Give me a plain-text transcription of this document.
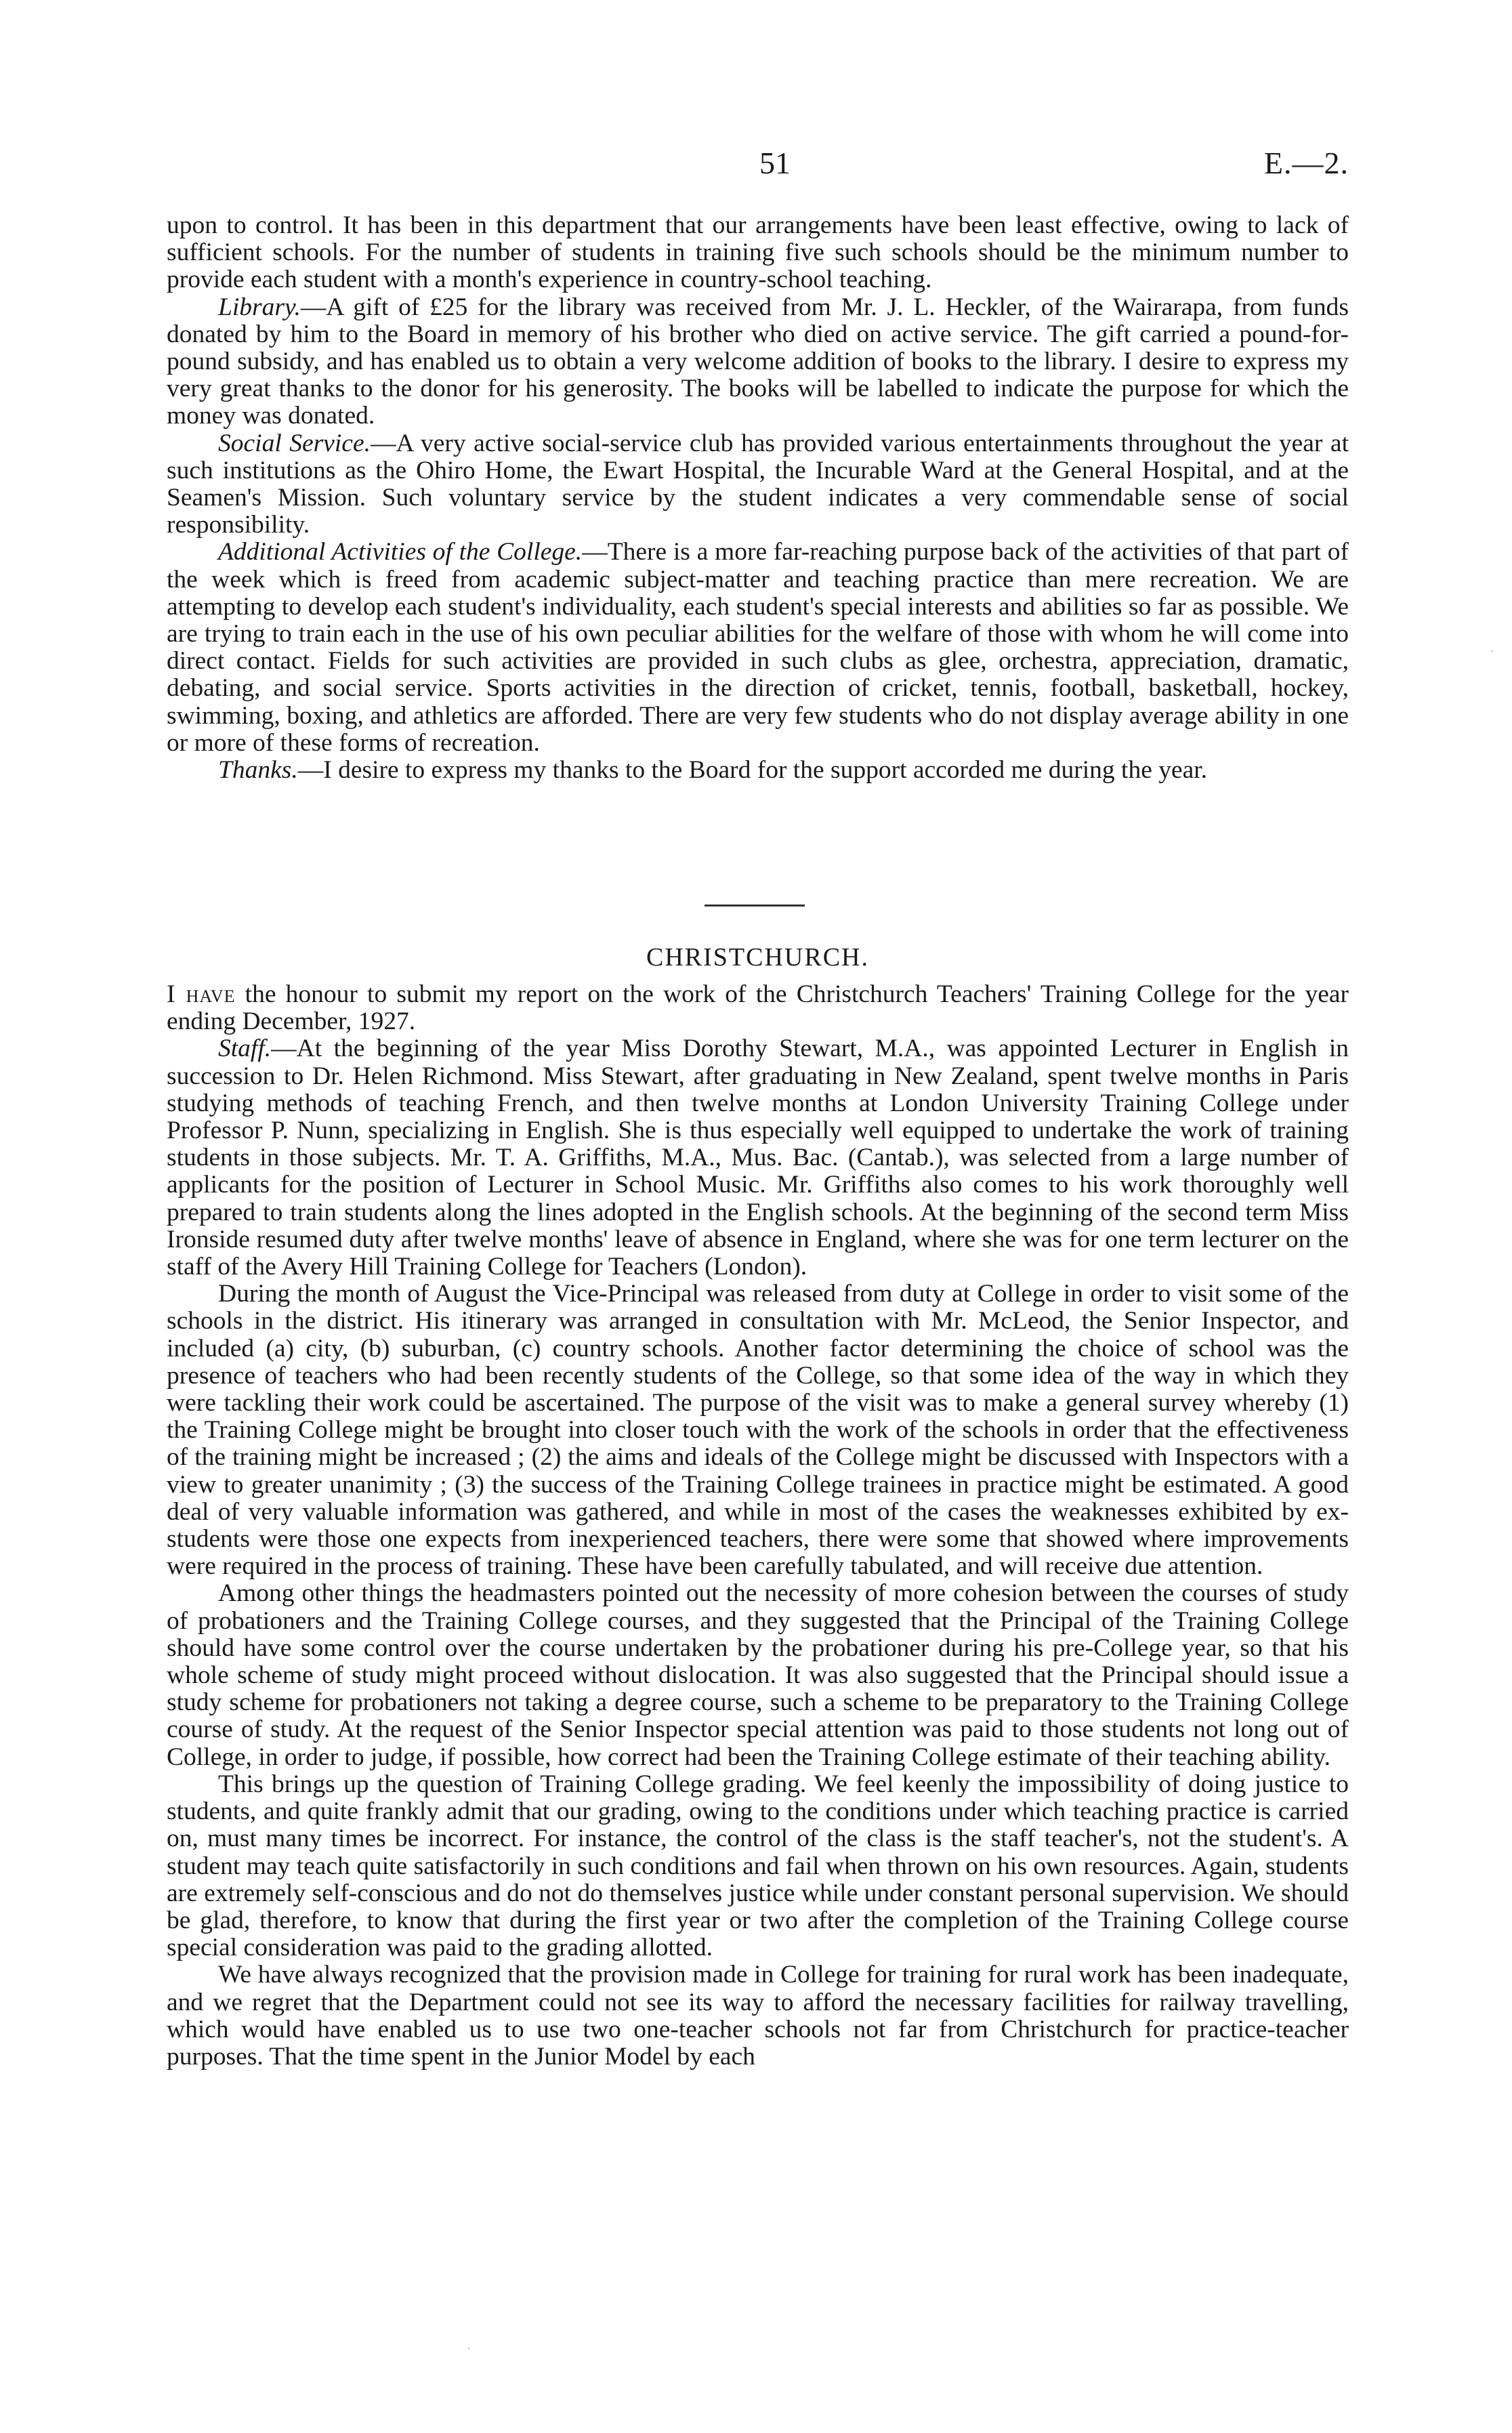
51	E.—2.

upon to control. It has been in this department that our arrangements have been least effective, owing to lack of sufficient schools. For the number of students in training five such schools should be the minimum number to provide each student with a month's experience in country-school teaching.

Library.—A gift of £25 for the library was received from Mr. J. L. Heckler, of the Wairarapa, from funds donated by him to the Board in memory of his brother who died on active service. The gift carried a pound-for-pound subsidy, and has enabled us to obtain a very welcome addition of books to the library. I desire to express my very great thanks to the donor for his generosity. The books will be labelled to indicate the purpose for which the money was donated.

Social Service.—A very active social-service club has provided various entertainments throughout the year at such institutions as the Ohiro Home, the Ewart Hospital, the Incurable Ward at the General Hospital, and at the Seamen's Mission. Such voluntary service by the student indicates a very commendable sense of social responsibility.

Additional Activities of the College.—There is a more far-reaching purpose back of the activities of that part of the week which is freed from academic subject-matter and teaching practice than mere recreation. We are attempting to develop each student's individuality, each student's special interests and abilities so far as possible. We are trying to train each in the use of his own peculiar abilities for the welfare of those with whom he will come into direct contact. Fields for such activities are provided in such clubs as glee, orchestra, appreciation, dramatic, debating, and social service. Sports activities in the direction of cricket, tennis, football, basketball, hockey, swimming, boxing, and athletics are afforded. There are very few students who do not display average ability in one or more of these forms of recreation.

Thanks.—I desire to express my thanks to the Board for the support accorded me during the year.

CHRISTCHURCH.

I have the honour to submit my report on the work of the Christchurch Teachers' Training College for the year ending December, 1927.

Staff.—At the beginning of the year Miss Dorothy Stewart, M.A., was appointed Lecturer in English in succession to Dr. Helen Richmond. Miss Stewart, after graduating in New Zealand, spent twelve months in Paris studying methods of teaching French, and then twelve months at London University Training College under Professor P. Nunn, specializing in English. She is thus especially well equipped to undertake the work of training students in those subjects. Mr. T. A. Griffiths, M.A., Mus. Bac. (Cantab.), was selected from a large number of applicants for the position of Lecturer in School Music. Mr. Griffiths also comes to his work thoroughly well prepared to train students along the lines adopted in the English schools. At the beginning of the second term Miss Ironside resumed duty after twelve months' leave of absence in England, where she was for one term lecturer on the staff of the Avery Hill Training College for Teachers (London).

During the month of August the Vice-Principal was released from duty at College in order to visit some of the schools in the district. His itinerary was arranged in consultation with Mr. McLeod, the Senior Inspector, and included (a) city, (b) suburban, (c) country schools. Another factor determining the choice of school was the presence of teachers who had been recently students of the College, so that some idea of the way in which they were tackling their work could be ascertained. The purpose of the visit was to make a general survey whereby (1) the Training College might be brought into closer touch with the work of the schools in order that the effectiveness of the training might be increased ; (2) the aims and ideals of the College might be discussed with Inspectors with a view to greater unanimity ; (3) the success of the Training College trainees in practice might be estimated. A good deal of very valuable information was gathered, and while in most of the cases the weaknesses exhibited by ex-students were those one expects from inexperienced teachers, there were some that showed where improvements were required in the process of training. These have been carefully tabulated, and will receive due attention.

Among other things the headmasters pointed out the necessity of more cohesion between the courses of study of probationers and the Training College courses, and they suggested that the Principal of the Training College should have some control over the course undertaken by the probationer during his pre-College year, so that his whole scheme of study might proceed without dislocation. It was also suggested that the Principal should issue a study scheme for probationers not taking a degree course, such a scheme to be preparatory to the Training College course of study. At the request of the Senior Inspector special attention was paid to those students not long out of College, in order to judge, if possible, how correct had been the Training College estimate of their teaching ability.

This brings up the question of Training College grading. We feel keenly the impossibility of doing justice to students, and quite frankly admit that our grading, owing to the conditions under which teaching practice is carried on, must many times be incorrect. For instance, the control of the class is the staff teacher's, not the student's. A student may teach quite satisfactorily in such conditions and fail when thrown on his own resources. Again, students are extremely self-conscious and do not do themselves justice while under constant personal supervision. We should be glad, therefore, to know that during the first year or two after the completion of the Training College course special consideration was paid to the grading allotted.

We have always recognized that the provision made in College for training for rural work has been inadequate, and we regret that the Department could not see its way to afford the necessary facilities for railway travelling, which would have enabled us to use two one-teacher schools not far from Christchurch for practice-teacher purposes. That the time spent in the Junior Model by each

·
·
